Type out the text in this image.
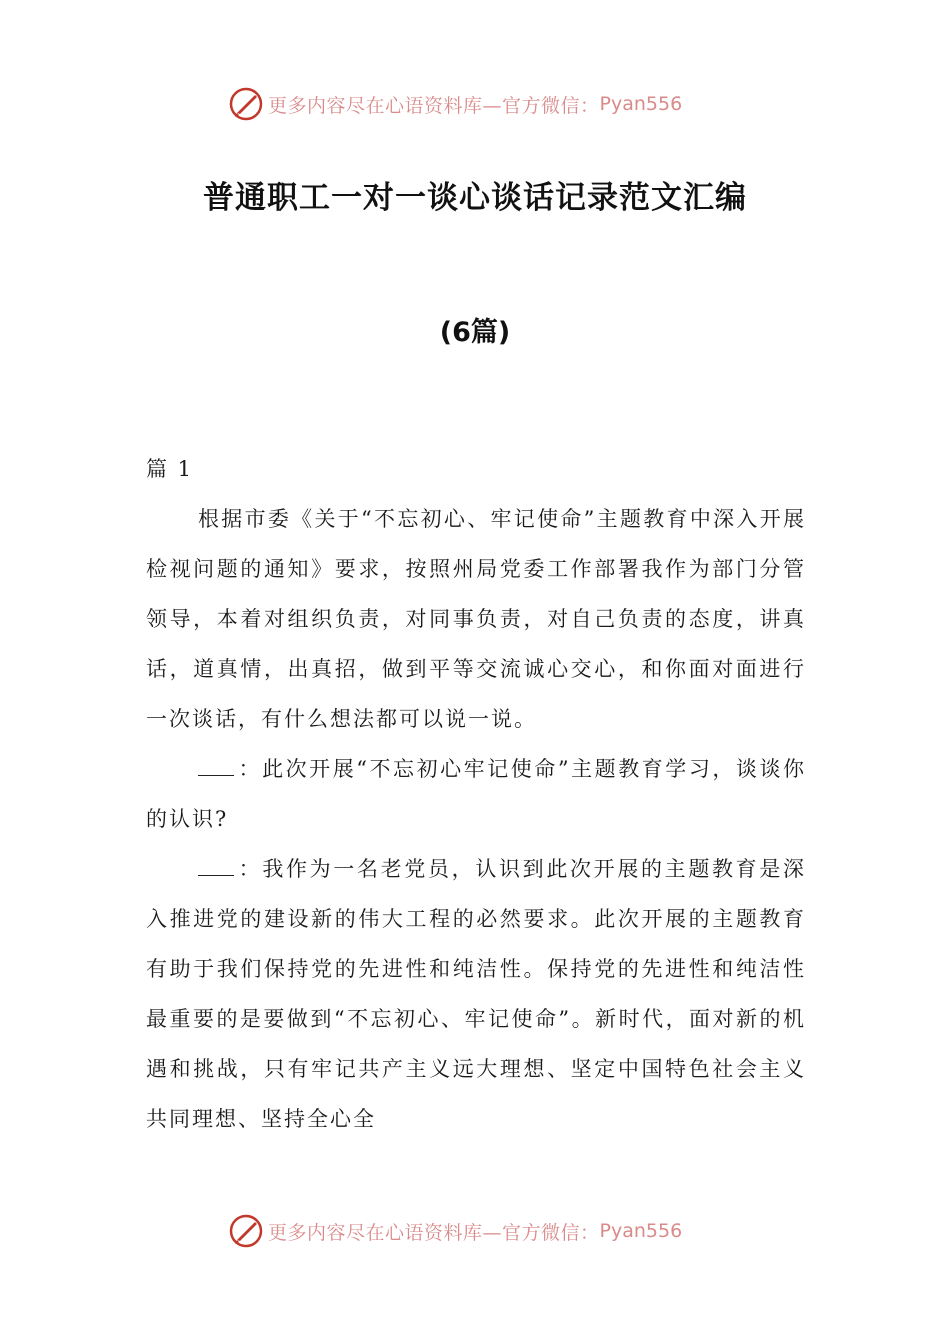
更多内容尽在心语资料库—官方微信： Pyan556
普通职工一对一谈心谈话记录范文汇编
(6篇)

篇 1

根据市委《关于“不忘初心、牢记使命”主题教育中深入开展检视问题的通知》要求，按照州局党委工作部署我作为部门分管领导，本着对组织负责，对同事负责，对自己负责的态度，讲真话，道真情，出真招，做到平等交流诚心交心，和你面对面进行一次谈话，有什么想法都可以说一说。

：此次开展“不忘初心牢记使命”主题教育学习，谈谈你的认识?

：我作为一名老党员，认识到此次开展的主题教育是深入推进党的建设新的伟大工程的必然要求。此次开展的主题教育有助于我们保持党的先进性和纯洁性。保持党的先进性和纯洁性最重要的是要做到“不忘初心、牢记使命”。新时代，面对新的机遇和挑战，只有牢记共产主义远大理想、坚定中国特色社会主义共同理想、坚持全心全

更多内容尽在心语资料库—官方微信： Pyan556
